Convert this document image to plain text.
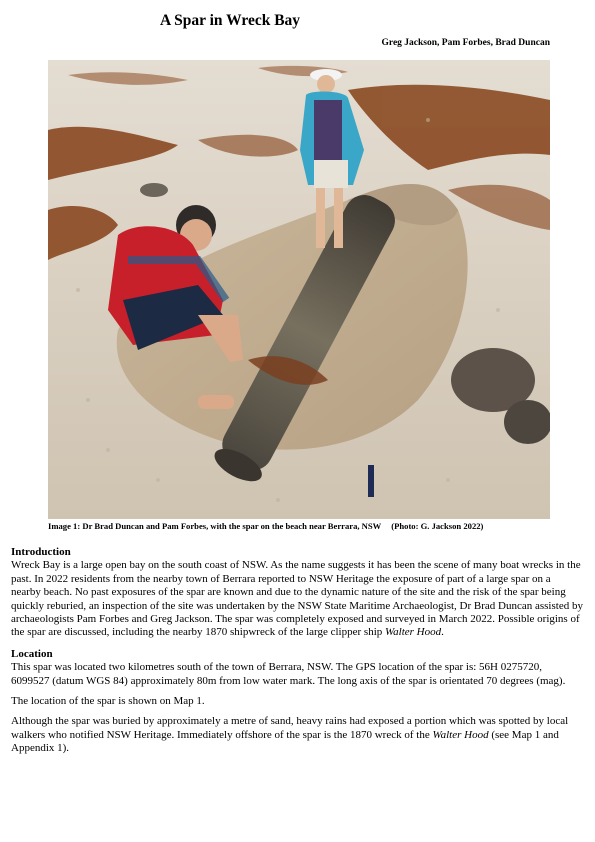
A Spar in Wreck Bay
Greg Jackson, Pam Forbes, Brad Duncan
Image 1: Dr Brad Duncan and Pam Forbes, with the spar on the beach near Berrara, NSW (Photo: G. Jackson 2022)
Introduction

Wreck Bay is a large open bay on the south coast of NSW. As the name suggests it has been the scene of many boat wrecks in the past. In 2022 residents from the nearby town of Berrara reported to NSW Heritage the exposure of part of a large spar on a nearby beach. No past exposures of the spar are known and due to the dynamic nature of the site and the risk of the spar being quickly reburied, an inspection of the site was undertaken by the NSW State Maritime Archaeologist, Dr Brad Duncan assisted by archaeologists Pam Forbes and Greg Jackson. The spar was completely exposed and surveyed in March 2022. Possible origins of the spar are discussed, including the nearby 1870 shipwreck of the large clipper ship Walter Hood.

Location

This spar was located two kilometres south of the town of Berrara, NSW. The GPS location of the spar is: 56H 0275720, 6099527 (datum WGS 84) approximately 80m from low water mark. The long axis of the spar is orientated 70 degrees (mag).

The location of the spar is shown on Map 1.

Although the spar was buried by approximately a metre of sand, heavy rains had exposed a portion which was spotted by local walkers who notified NSW Heritage. Immediately offshore of the spar is the 1870 wreck of the Walter Hood (see Map 1 and Appendix 1).
